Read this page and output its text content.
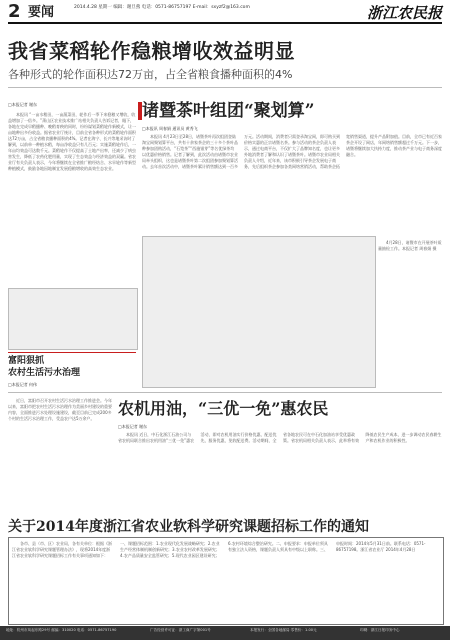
2 要闻	2014.4.28 星期一 编辑：谢旦燕 电话：0571-86757197 E-mail：sxyzf2@163.com	浙江农民报
我省菜稻轮作稳粮增收效益明显
各种形式的轮作面积达72万亩，占全省粮食播种面积的4%
□本报记者 谢东

本报讯 “一亩水稻田，一亩蔬菜田，轮作后一季下来稳粮又增收，收益增加了一倍多。”萧山区农业技术推广站相关负责人告诉记者，眼下，各地在完成早稻播种、晚稻育秧的同时，纷纷谋划菜稻轮作新模式，让一亩地种出多份收益。据省农业厅统计，目前全省各种形式的菜稻轮作面积达72万亩，占全省粮食播种面积的4%。记者在海宁、长兴等地采访时了解到，以前单一种植水稻，每亩净收益只有几百元；实施菜稻轮作后，一年亩均效益可达数千元。菜稻轮作不仅提高了土地产出率，还减少了病虫害发生，降低了农药化肥用量，实现了生态效益与经济效益的双赢。省农业厅有关负责人表示，今年将继续在全省推广粮经结合、水旱轮作等新型种植模式，鼓励各地因地制宜发展稳粮增收的高效生态农业。

诸暨茶叶组团“聚划算”
□本报讯 周春娟 通讯员 黄秀飞

本报讯 4月23日至28日，诸暨茶叶再次组团登陆淘宝网聚划算平台，共有十余家茶企的三十多个茶叶品种参加团购活动，“石笕茶”“西施银芽”等名优绿茶均以优惠价格销售。记者了解到，此次活动由诸暨市农业局牵头组织，这也是诸暨茶叶第二次组团参加聚划算活动。去年首次活动中，诸暨茶叶累计销售额达到一百多万元。活动期间，消费者只需登录淘宝网，即可购买到价格实惠的正宗诸暨名茶。参与活动的茶企负责人表示，通过电商平台，不仅扩大了品牌知名度，也让更多外地消费者了解和认识了诸暨茶叶。诸暨市农业局相关负责人介绍，近年来，该市积极引导茶企发展电子商务，先后组织茶企参加各类网络营销活动，帮助茶企拓宽销售渠道，提升产品附加值。目前，全市已有近百家茶企开设了网店，年网络销售额超过千万元。下一步，诸暨将继续加大扶持力度，推动茶产业与电子商务深度融合。

4月28日，诸暨市在开展茶叶质量抽检工作。本报记者 周春娟 摄

富阳狠抓
农村生活污水治理
□本报记者 何伟

近日，富阳市召开农村生活污水治理工作推进会。今年以来，富阳市把农村生活污水治理作为美丽乡村建设的重要内容，全面推进污水处理设施建设，截至目前已完成200多个村的生活污水治理工作，受益农户达5万余户。

农机用油，“三优一免”惠农民
□本报记者 谢东

本报讯 近日，中石化浙江石油公司与省农机局联合推出农机用油“三优一免”惠农活动，即对农机用油实行价格优惠、配送优先、服务优惠，免收配送费。活动期间，全省各地农民可在中石化加油站享受优惠政策。省农机局相关负责人表示，此举将有效降低农民生产成本，进一步调动农民春耕生产和农机作业的积极性。

关于2014年度浙江省农业软科学研究课题招标工作的通知

各市、县（市、区）农业局，各有关单位：根据《浙江省农业软科学研究课题管理办法》，现将2014年度浙江省农业软科学研究课题招标工作有关事项通知如下：一、课题招标范围：1.农业现代化发展战略研究；2.农业生产经营体制机制创新研究；3.农业农村改革发展研究；4.农产品质量安全监管研究；5.现代农业园区建设研究；6.农村环境综合整治研究。二、申报要求：申报单位须具有独立法人资格，课题负责人须具有中级以上职称。三、申报时间：2014年5月31日前。联系电话：0571-86757198。浙江省农业厅 2014年4月28日

地址：杭州市凤起东路29号 邮编：310020 电话：0571-86757190	广告经营许可证：浙工商广字第001号	本报发行：全国各地邮局 零售价：1.00元	印刷：浙江日报印务中心
